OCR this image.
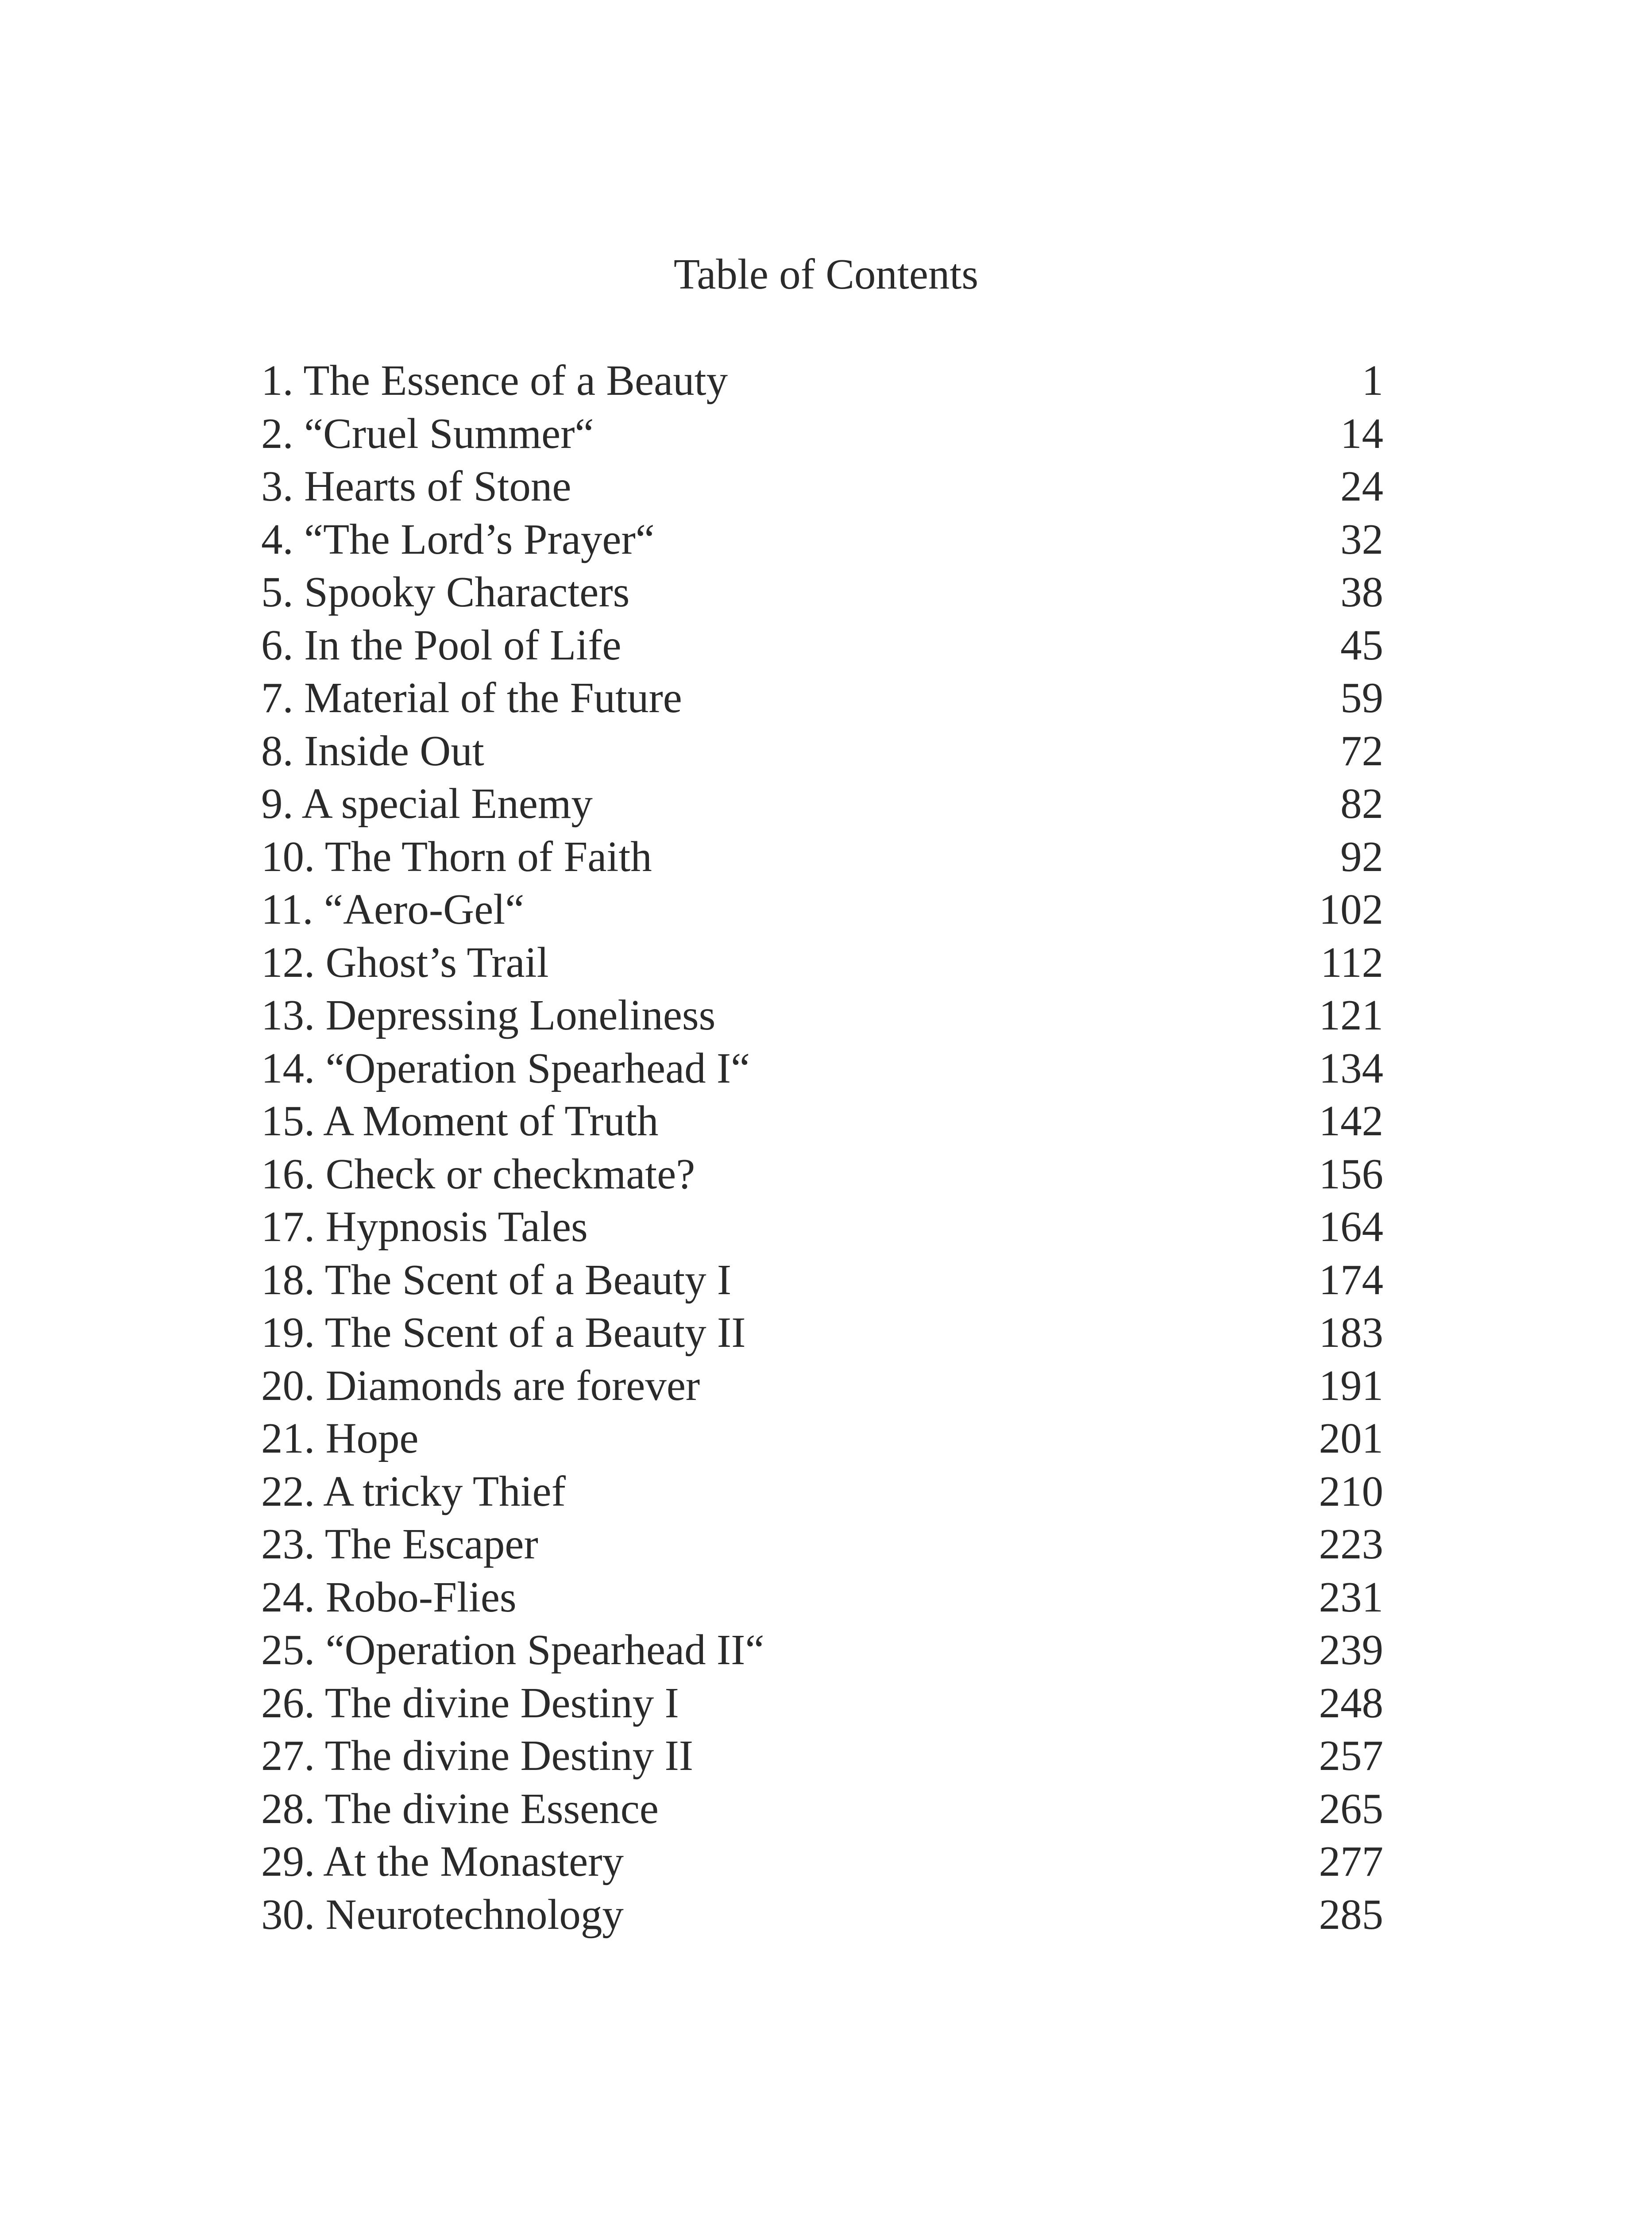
Table of Contents
1. The Essence of a Beauty	1
2. “Cruel Summer“	14
3. Hearts of Stone	24
4. “The Lord’s Prayer“	32
5. Spooky Characters	38
6. In the Pool of Life	45
7. Material of the Future	59
8. Inside Out	72
9. A special Enemy	82
10. The Thorn of Faith	92
11. “Aero-Gel“	102
12. Ghost’s Trail	112
13. Depressing Loneliness	121
14. “Operation Spearhead I“	134
15. A Moment of Truth	142
16. Check or checkmate?	156
17. Hypnosis Tales	164
18. The Scent of a Beauty I	174
19. The Scent of a Beauty II	183
20. Diamonds are forever	191
21. Hope	201
22. A tricky Thief	210
23. The Escaper	223
24. Robo-Flies	231
25. “Operation Spearhead II“	239
26. The divine Destiny I	248
27. The divine Destiny II	257
28. The divine Essence	265
29. At the Monastery	277
30. Neurotechnology	285
